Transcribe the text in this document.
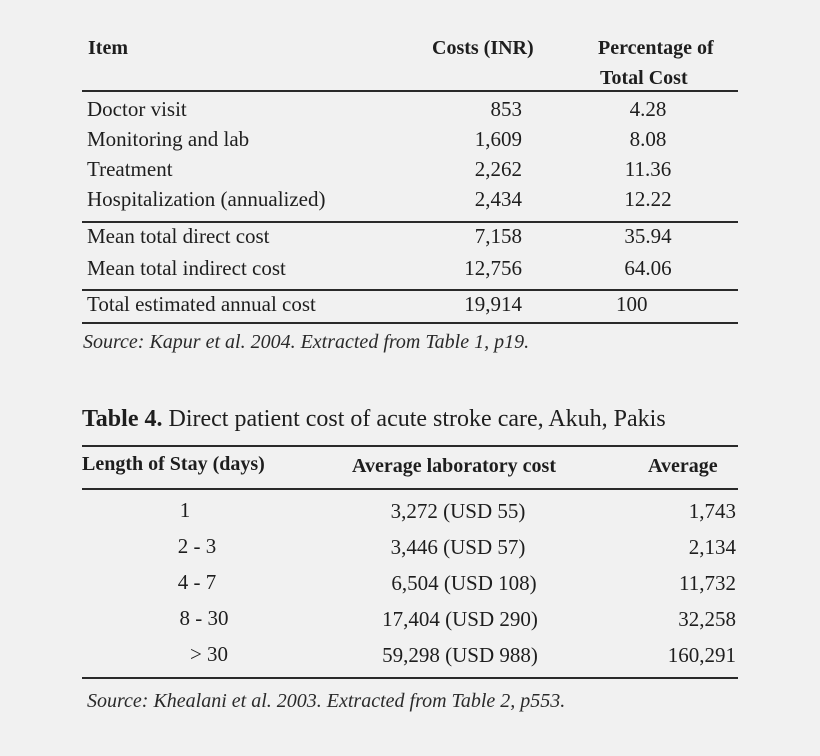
Item	Costs (INR)	Percentage of
Total Cost
Doctor visit	853	4.28
Monitoring and lab	1,609	8.08
Treatment	2,262	11.36
Hospitalization (annualized)	2,434	12.22
Mean total direct cost	7,158	35.94
Mean total indirect cost	12,756	64.06
Total estimated annual cost	19,914	100
Source: Kapur et al. 2004. Extracted from Table 1, p19.
Table 4. Direct patient cost of acute stroke care, Akuh, Pakis
Length of Stay (days)	Average laboratory cost	Average
1	3,272 (USD 55)	1,743
2 - 3	3,446 (USD 57)	2,134
4 - 7	6,504 (USD 108)	11,732
8 - 30	17,404 (USD 290)	32,258
> 30	59,298 (USD 988)	160,291
Source: Khealani et al. 2003. Extracted from Table 2, p553.
